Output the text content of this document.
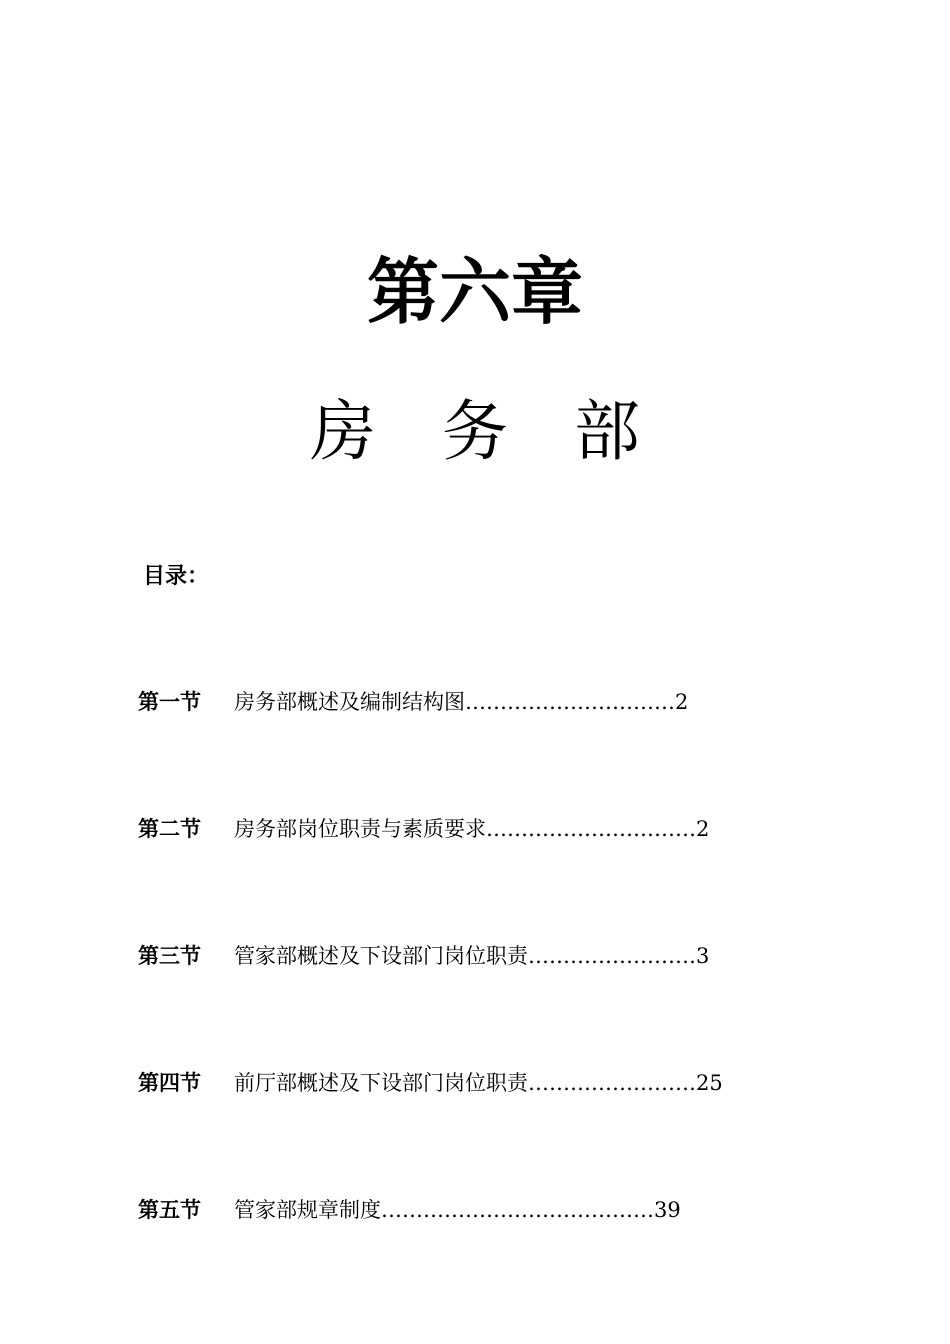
第六章
房 务 部
目录：
第一节	房务部概述及编制结构图 ………………………… 2
第二节	房务部岗位职责与素质要求 ………………………… 2
第三节	管家部概述及下设部门岗位职责 …………………… 3
第四节	前厅部概述及下设部门岗位职责 …………………… 25
第五节	管家部规章制度 ………………………………… 39
